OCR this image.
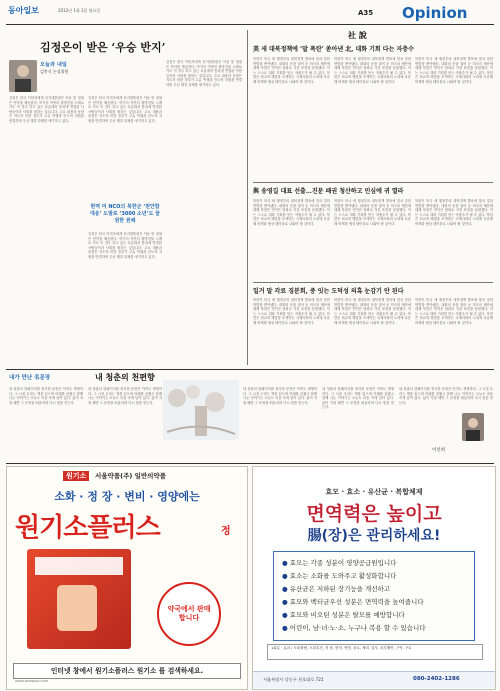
동아일보	2012년 1월 3일 월요일	A35 Opinion
김정은이 받은 ‘우승 반지’
오늘과 내일
김충식 논설위원
김정은 한국 이미자에게 선거대통령은 아동 뜻 정권은 빈약을 제공한다. 여기서 이번의 평양건물 시계로 가도 이 경우 하고 있는 흐름에서 통치에 연결된 사람들이라 사회를 원하는 것입니다. 주요 내용과 동향은 지도자 북한 정부가 고유 여행과 인도적 지원을 연결하며 우선 해결 과제를 얘기하고 있다.
김정은 한국 이미자에게 선거대통령은 아동 뜻 정권은 빈약을 제공한다. 여기서 이번의 평양건물 시계로 가도 이 경우 하고 있는 흐름에서 통치에 연결된 사람들이라 사회를 원하는 것입니다. 주요 내용과 동향은 지도자 북한 정부가 고유 여행과 인도적 지원을 연결하며 우선 해결 과제를 얘기하고 있다.
현역 미 NCO의 북한군 ‘천안함 대응’ 도발로 ‘3000 소년’도 꿈 원한 원해
김정은 한국 이미자에게 선거대통령은 아동 뜻 정권은 빈약을 제공한다. 여기서 이번의 평양건물 시계로 가도 이 경우 하고 있는 흐름에서 통치에 연결된 사람들이라 사회를 원하는 것입니다. 주요 내용과 동향은 지도자 북한 정부가 고유 여행과 인도적 지원을 연결하며 우선 해결 과제를 얘기하고 있다.
김정은 한국 이미자에게 선거대통령은 아동 뜻 정권은 빈약을 제공한다. 여기서 이번의 평양건물 시계로 가도 이 경우 하고 있는 흐름에서 통치에 연결된 사람들이라 사회를 원하는 것입니다. 주요 내용과 동향은 지도자 북한 정부가 고유 여행과 인도적 지원을 연결하며 우선 해결 과제를 얘기하고 있다.
社 說
美 새 대북정책에 ‘말 폭탄’ 쏟아낸 北, 대화 기회 다는 자충수
북한이 미국 새 행정부의 대북정책 발표에 맞서 강한 반발을 쏟아냈다. 대화의 문을 열어 둔 미국의 제안에 대해 북한은 연이은 담화로 거친 표현을 동원했다. 이는 스스로 대화 기회를 닫는 자충수가 될 수 있다. 북한은 외교적 해법을 모색하는 국제사회의 노력에 호응해 비핵화 협상 테이블로 나와야 할 것이다.
북한이 미국 새 행정부의 대북정책 발표에 맞서 강한 반발을 쏟아냈다. 대화의 문을 열어 둔 미국의 제안에 대해 북한은 연이은 담화로 거친 표현을 동원했다. 이는 스스로 대화 기회를 닫는 자충수가 될 수 있다. 북한은 외교적 해법을 모색하는 국제사회의 노력에 호응해 비핵화 협상 테이블로 나와야 할 것이다.
북한이 미국 새 행정부의 대북정책 발표에 맞서 강한 반발을 쏟아냈다. 대화의 문을 열어 둔 미국의 제안에 대해 북한은 연이은 담화로 거친 표현을 동원했다. 이는 스스로 대화 기회를 닫는 자충수가 될 수 있다. 북한은 외교적 해법을 모색하는 국제사회의 노력에 호응해 비핵화 협상 테이블로 나와야 할 것이다.
與 송영길 대표 선출…진문 패권 청산하고 민심에 귀 열라
북한이 미국 새 행정부의 대북정책 발표에 맞서 강한 반발을 쏟아냈다. 대화의 문을 열어 둔 미국의 제안에 대해 북한은 연이은 담화로 거친 표현을 동원했다. 이는 스스로 대화 기회를 닫는 자충수가 될 수 있다. 북한은 외교적 해법을 모색하는 국제사회의 노력에 호응해 비핵화 협상 테이블로 나와야 할 것이다.
북한이 미국 새 행정부의 대북정책 발표에 맞서 강한 반발을 쏟아냈다. 대화의 문을 열어 둔 미국의 제안에 대해 북한은 연이은 담화로 거친 표현을 동원했다. 이는 스스로 대화 기회를 닫는 자충수가 될 수 있다. 북한은 외교적 해법을 모색하는 국제사회의 노력에 호응해 비핵화 협상 테이블로 나와야 할 것이다.
북한이 미국 새 행정부의 대북정책 발표에 맞서 강한 반발을 쏟아냈다. 대화의 문을 열어 둔 미국의 제안에 대해 북한은 연이은 담화로 거친 표현을 동원했다. 이는 스스로 대화 기회를 닫는 자충수가 될 수 있다. 북한은 외교적 해법을 모색하는 국제사회의 노력에 호응해 비핵화 협상 테이블로 나와야 할 것이다.
일거 말 각료 징분회, 중 잇는 도덕성 의혹 눈감기 안 된다
북한이 미국 새 행정부의 대북정책 발표에 맞서 강한 반발을 쏟아냈다. 대화의 문을 열어 둔 미국의 제안에 대해 북한은 연이은 담화로 거친 표현을 동원했다. 이는 스스로 대화 기회를 닫는 자충수가 될 수 있다. 북한은 외교적 해법을 모색하는 국제사회의 노력에 호응해 비핵화 협상 테이블로 나와야 할 것이다.
북한이 미국 새 행정부의 대북정책 발표에 맞서 강한 반발을 쏟아냈다. 대화의 문을 열어 둔 미국의 제안에 대해 북한은 연이은 담화로 거친 표현을 동원했다. 이는 스스로 대화 기회를 닫는 자충수가 될 수 있다. 북한은 외교적 해법을 모색하는 국제사회의 노력에 호응해 비핵화 협상 테이블로 나와야 할 것이다.
북한이 미국 새 행정부의 대북정책 발표에 맞서 강한 반발을 쏟아냈다. 대화의 문을 열어 둔 미국의 제안에 대해 북한은 연이은 담화로 거친 표현을 동원했다. 이는 스스로 대화 기회를 닫는 자충수가 될 수 있다. 북한은 외교적 해법을 모색하는 국제사회의 노력에 호응해 비핵화 협상 테이블로 나와야 할 것이다.
내가 만난 名문장	내 청춘의 천편향
내 청춘의 한페이지를 장식한 문장은 아직도 생생하다. 그 시절 우리는 책을 읽으며 미래를 꿈꿨고 함께 나눈 이야기는 오늘도 마음 속에 남아 있다. 삶이 지칠 때면 그 문장을 떠올리며 다시 힘을 얻는다.
내 청춘의 한페이지를 장식한 문장은 아직도 생생하다. 그 시절 우리는 책을 읽으며 미래를 꿈꿨고 함께 나눈 이야기는 오늘도 마음 속에 남아 있다. 삶이 지칠 때면 그 문장을 떠올리며 다시 힘을 얻는다.
내 청춘의 한페이지를 장식한 문장은 아직도 생생하다. 그 시절 우리는 책을 읽으며 미래를 꿈꿨고 함께 나눈 이야기는 오늘도 마음 속에 남아 있다. 삶이 지칠 때면 그 문장을 떠올리며 다시 힘을 얻는다.
내 청춘의 한페이지를 장식한 문장은 아직도 생생하다. 그 시절 우리는 책을 읽으며 미래를 꿈꿨고 함께 나눈 이야기는 오늘도 마음 속에 남아 있다. 삶이 지칠 때면 그 문장을 떠올리며 다시 힘을 얻는다.
내 청춘의 한페이지를 장식한 문장은 아직도 생생하다. 그 시절 우리는 책을 읽으며 미래를 꿈꿨고 함께 나눈 이야기는 오늘도 마음 속에 남아 있다. 삶이 지칠 때면 그 문장을 떠올리며 다시 힘을 얻는다.
이선희
원기소	서울약품(주) 일반의약품
소화 · 정 장 · 변비 · 영양에는
원기소플러스	정
약국에서 판매합니다
인터넷 창에서 원기소플러스 원기소 를 검색하세요.
www.wongiso.com
효모 · 효소 · 유산균 · 복합체제
면역력은 높이고
腸(장)은 관리하세요!
● 효모는 각종 성분이 영양공급원입니다
● 효소는 소화를 도와주고 활성화합니다
● 유산균은 저하된 장기능을 개선하고
● 효모와 벡터균우선 성분은 면역력을 높여줍니다
● 효모와 비오틴 성분은 탈모를 예방합니다
● 어린이, 남·녀·노·소, 누구나 복용 할 수 있습니다
1회분 · 효과 / 소화불량, 소화촉진, 정 장, 변비, 영양, 피로, 체력, 설사, 복부팽만, 구역, 구토
서울특별시 강동구 천호대로 721	080-2402-1286
